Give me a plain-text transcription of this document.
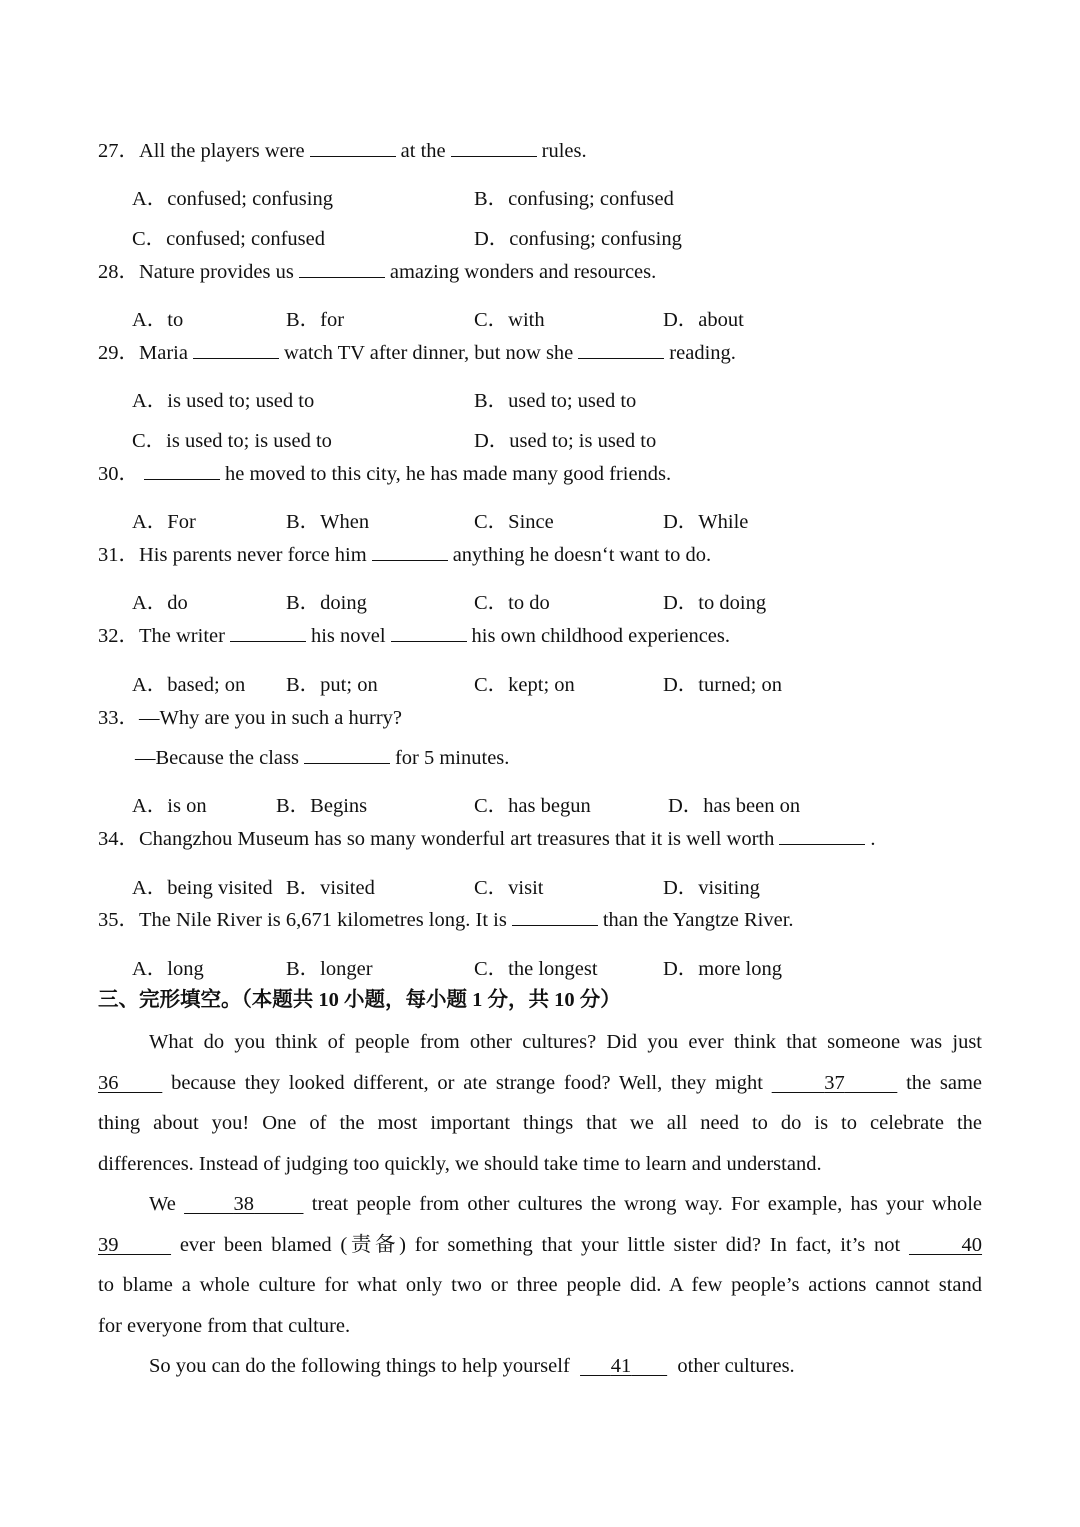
27．All the players were	at the	rules.
A．confused; confusing	B．confusing; confused
C．confused; confused	D．confusing; confusing
28．Nature provides us	amazing wonders and resources.
A．to	B．for	C．with	D．about
29．Maria	watch TV after dinner, but now she	reading.
A．is used to; used to	B．used to; used to
C．is used to; is used to	D．used to; is used to
30．	he moved to this city, he has made many good friends.
A．For	B．When	C．Since	D．While
31．His parents never force him	anything he doesn‘t want to do.
A．do	B．doing	C．to do	D．to doing
32．The writer	his novel	his own childhood experiences.
A．based; on B．put; on	C．kept; on	D．turned; on
33．—Why are you in such a hurry?
—Because the class	for 5 minutes.
A．is on	B．Begins	C．has begun	D．has been on
34．Changzhou Museum has so many wonderful art treasures that it is well worth	.
A．being visited B．visited	C．visit	D．visiting
35．The Nile River is 6,671 kilometres long. It is	than the Yangtze River.
A．long	B．longer	C．the longest	D．more long
三、完形填空。（本题共 10 小题，每小题 1 分，共 10 分）
What do you think of people from other cultures? Did you ever think that someone was just
36	because they looked different, or ate strange food? Well, they might	37	the same
thing about you! One of the most important things that we all need to do is to celebrate the
differences. Instead of judging too quickly, we should take time to learn and understand.
We	38	treat people from other cultures the wrong way. For example, has your whole
39	ever been blamed (责备) for something that your little sister did? In fact, it’s not	40
to blame a whole culture for what only two or three people did. A few people’s actions cannot stand
for everyone from that culture.
So you can do the following things to help yourself 41 other cultures.
